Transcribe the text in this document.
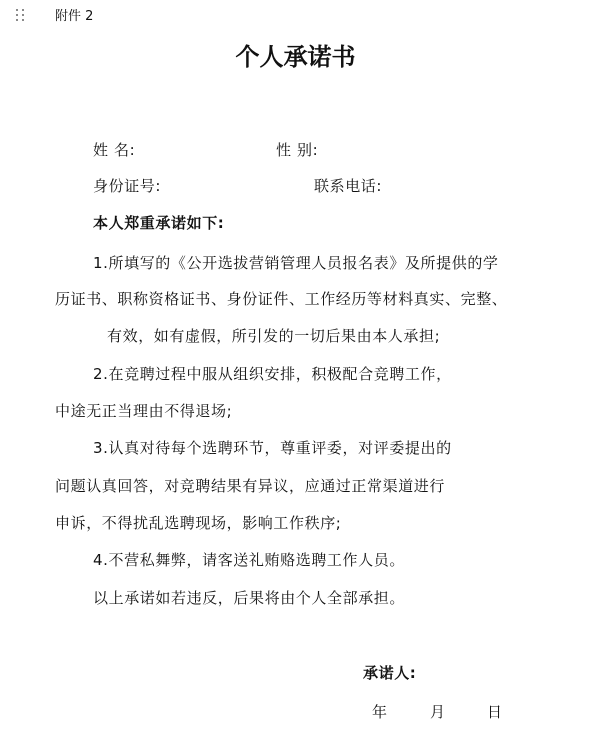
附件 2
个人承诺书
姓 名:	性 别:
身份证号:	联系电话:
本人郑重承诺如下:
1.所填写的《公开选拔营销管理人员报名表》及所提供的学
历证书、职称资格证书、身份证件、工作经历等材料真实、完整、
有效，如有虚假，所引发的一切后果由本人承担;
2.在竞聘过程中服从组织安排，积极配合竞聘工作，
中途无正当理由不得退场;
3.认真对待每个选聘环节，尊重评委，对评委提出的
问题认真回答，对竞聘结果有异议，应通过正常渠道进行
申诉，不得扰乱选聘现场，影响工作秩序;
4.不营私舞弊，请客送礼贿赂选聘工作人员。
以上承诺如若违反，后果将由个人全部承担。
承诺人:
年	月	日
